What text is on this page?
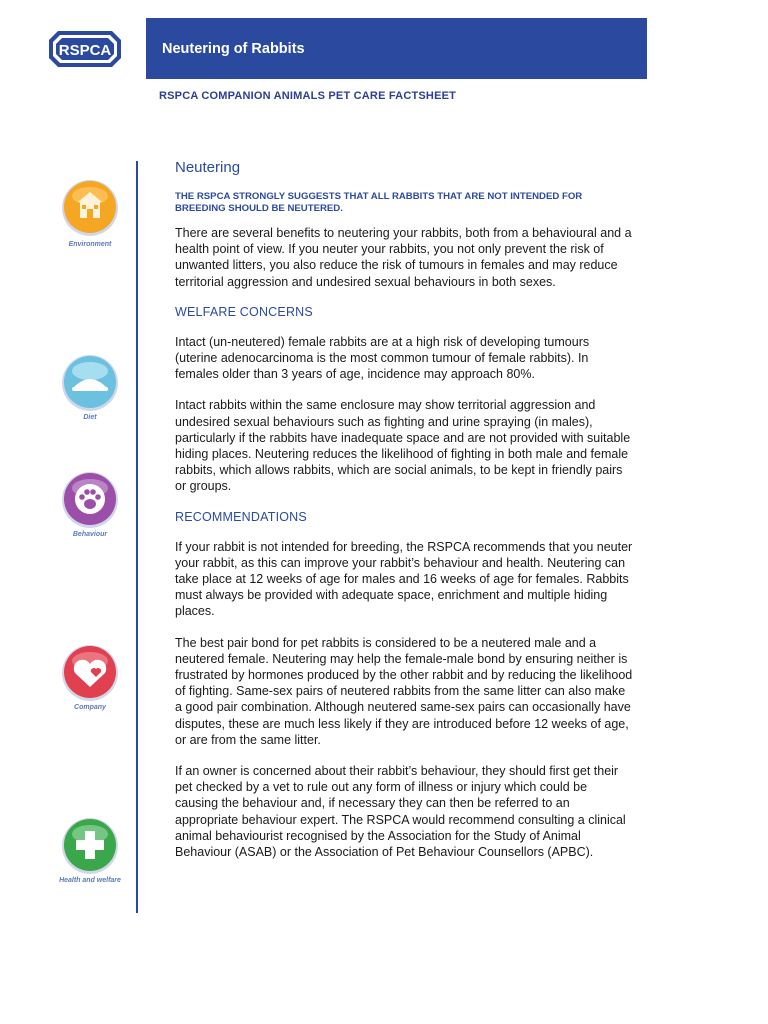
RSPCA	Neutering of Rabbits
RSPCA COMPANION ANIMALS PET CARE FACTSHEET
Environment
Diet
Behaviour
Company
Health and welfare
Neutering
THE RSPCA STRONGLY SUGGESTS THAT ALL RABBITS THAT ARE NOT INTENDED FOR BREEDING SHOULD BE NEUTERED.

There are several benefits to neutering your rabbits, both from a behavioural and a health point of view. If you neuter your rabbits, you not only prevent the risk of unwanted litters, you also reduce the risk of tumours in females and may reduce territorial aggression and undesired sexual behaviours in both sexes.

WELFARE CONCERNS

Intact (un-neutered) female rabbits are at a high risk of developing tumours (uterine adenocarcinoma is the most common tumour of female rabbits). In females older than 3 years of age, incidence may approach 80%.

Intact rabbits within the same enclosure may show territorial aggression and undesired sexual behaviours such as fighting and urine spraying (in males), particularly if the rabbits have inadequate space and are not provided with suitable hiding places. Neutering reduces the likelihood of fighting in both male and female rabbits, which allows rabbits, which are social animals, to be kept in friendly pairs or groups.

RECOMMENDATIONS

If your rabbit is not intended for breeding, the RSPCA recommends that you neuter your rabbit, as this can improve your rabbit’s behaviour and health. Neutering can take place at 12 weeks of age for males and 16 weeks of age for females. Rabbits must always be provided with adequate space, enrichment and multiple hiding places.

The best pair bond for pet rabbits is considered to be a neutered male and a neutered female. Neutering may help the female-male bond by ensuring neither is frustrated by hormones produced by the other rabbit and by reducing the likelihood of fighting. Same-sex pairs of neutered rabbits from the same litter can also make a good pair combination. Although neutered same-sex pairs can occasionally have disputes, these are much less likely if they are introduced before 12 weeks of age, or are from the same litter.

If an owner is concerned about their rabbit’s behaviour, they should first get their pet checked by a vet to rule out any form of illness or injury which could be causing the behaviour and, if necessary they can then be referred to an appropriate behaviour expert. The RSPCA would recommend consulting a clinical animal behaviourist recognised by the Association for the Study of Animal Behaviour (ASAB) or the Association of Pet Behaviour Counsellors (APBC).
